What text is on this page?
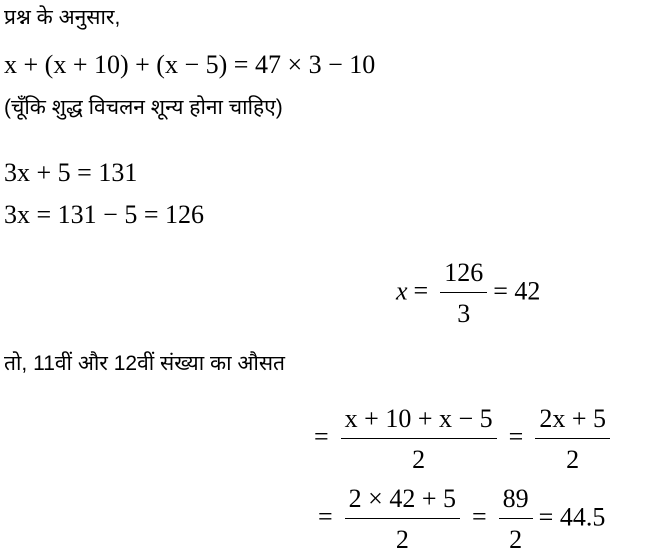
प्रश्न के अनुसार,
x + (x + 10) + (x − 5) = 47 × 3 − 10
(चूँकि शुद्ध विचलन शून्य होना चाहिए)
3x + 5 = 131
3x = 131 − 5 = 126
$x = \frac{126}{3} = 42$
तो, 11वीं और 12वीं संख्या का औसत
= $\frac{x + 10 + x - 5}{2} = \frac{2x + 5}{2}$
= $\frac{2 \times 42 + 5}{2} = \frac{89}{2} = 44.5$
